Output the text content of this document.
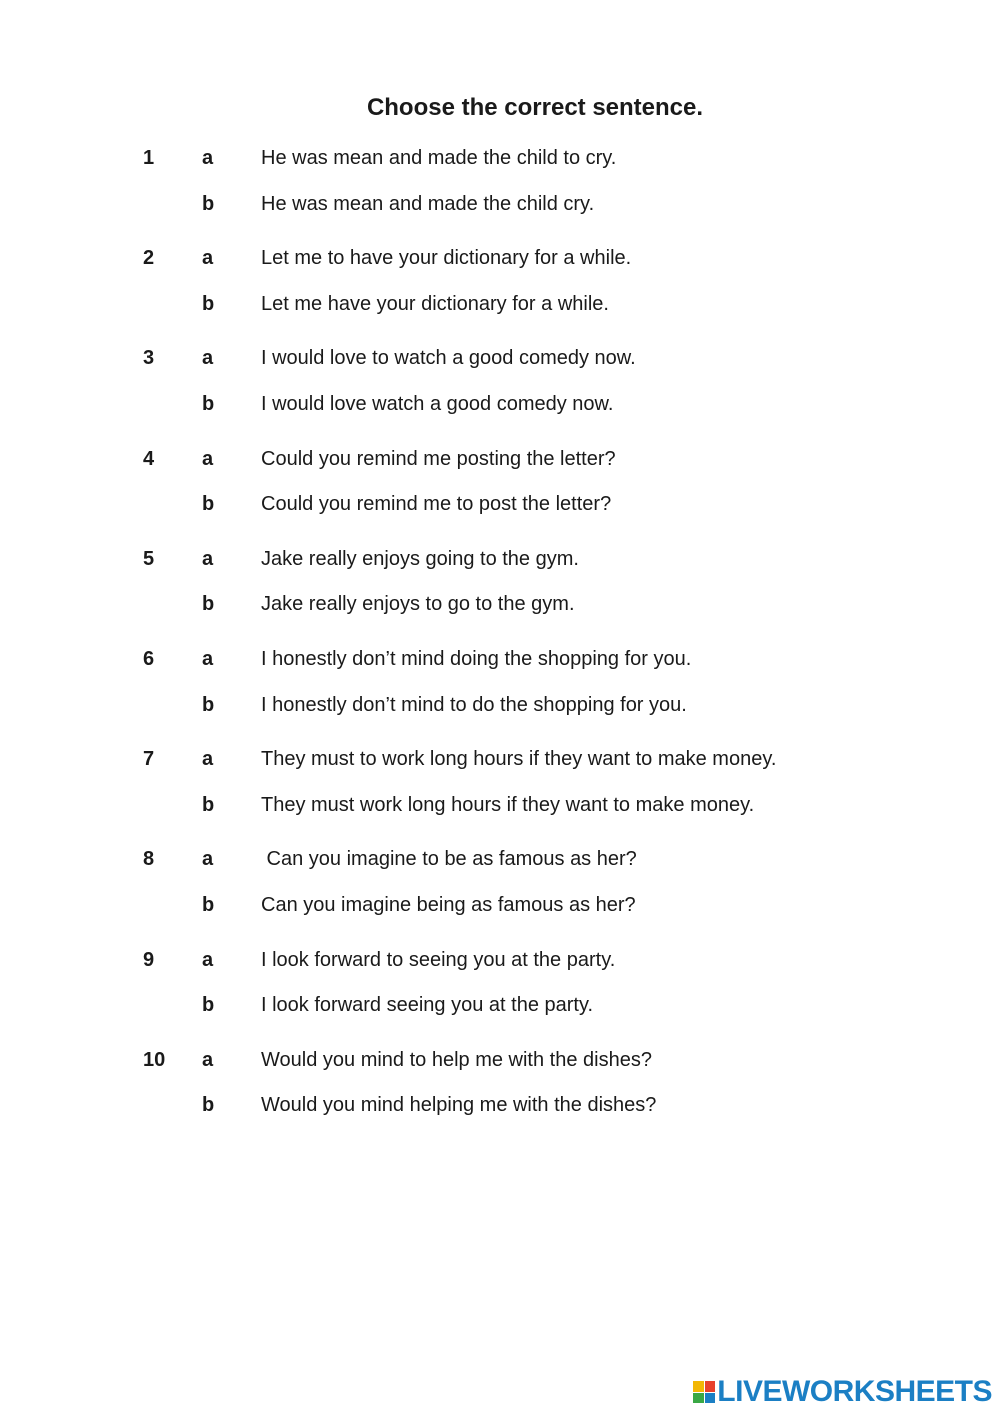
Choose the correct sentence.
1 a He was mean and made the child to cry.
b He was mean and made the child cry.
2 a Let me to have your dictionary for a while.
b Let me have your dictionary for a while.
3 a I would love to watch a good comedy now.
b I would love watch a good comedy now.
4 a Could you remind me posting the letter?
b Could you remind me to post the letter?
5 a Jake really enjoys going to the gym.
b Jake really enjoys to go to the gym.
6 a I honestly don’t mind doing the shopping for you.
b I honestly don’t mind to do the shopping for you.
7 a They must to work long hours if they want to make money.
b They must work long hours if they want to make money.
8 a Can you imagine to be as famous as her?
b Can you imagine being as famous as her?
9 a I look forward to seeing you at the party.
b I look forward seeing you at the party.
10 a Would you mind to help me with the dishes?
b Would you mind helping me with the dishes?
LIVEWORKSHEETS
